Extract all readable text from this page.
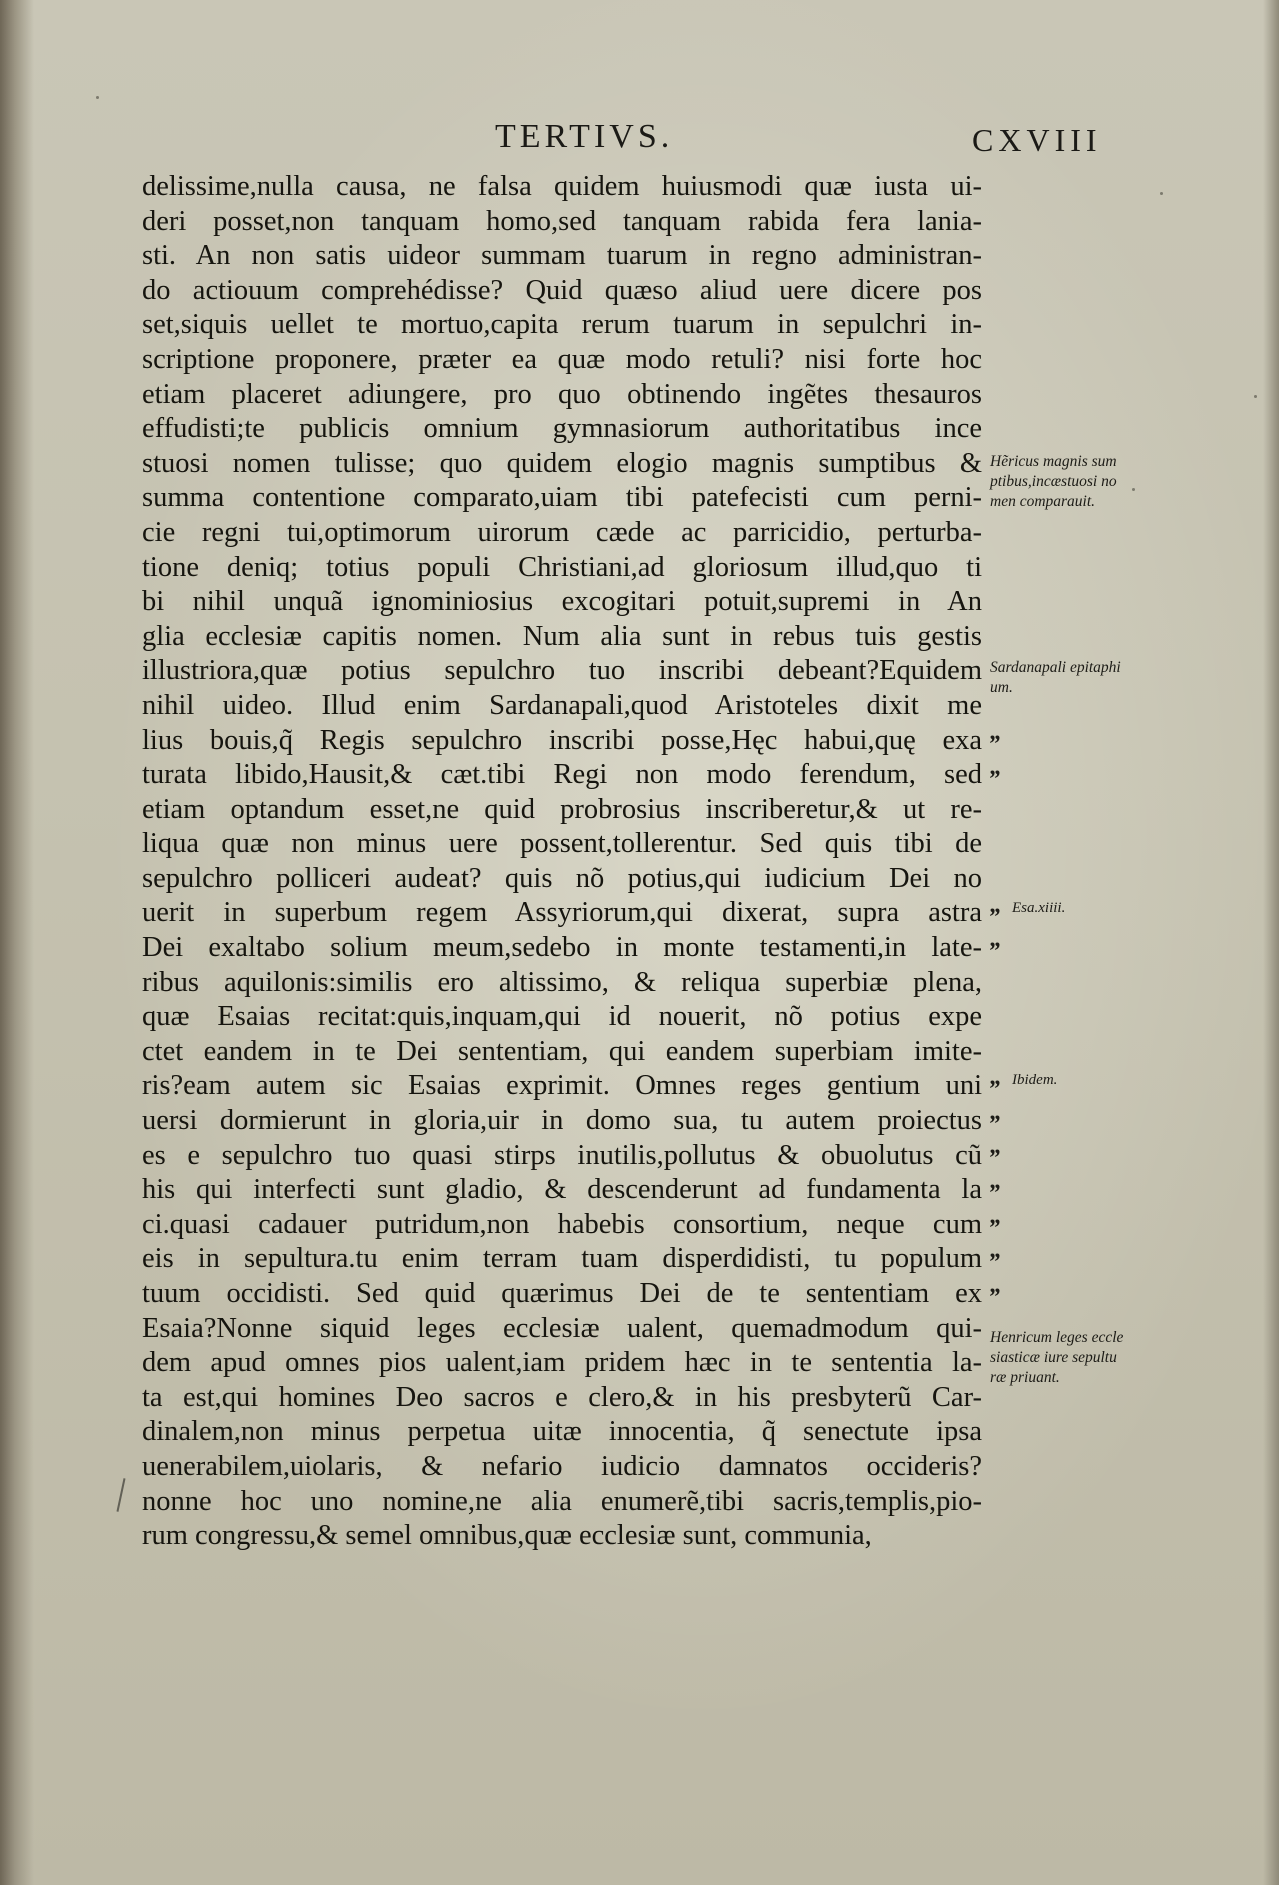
TERTIVS.	CXVIII
delissime,nulla causa, ne falsa quidem huiusmodi quæ iusta ui-
deri posset,non tanquam homo,sed tanquam rabida fera lania-
sti. An non satis uideor summam tuarum in regno administran-
do actiouum comprehédisse? Quid quæso aliud uere dicere pos
set,siquis uellet te mortuo,capita rerum tuarum in sepulchri in-
scriptione proponere, præter ea quæ modo retuli? nisi forte hoc
etiam placeret adiungere, pro quo obtinendo ingẽtes thesauros
effudisti;te publicis omnium gymnasiorum authoritatibus ince
stuosi nomen tulisse; quo quidem elogio magnis sumptibus &
summa contentione comparato,uiam tibi patefecisti cum perni-
cie regni tui,optimorum uirorum cæde ac parricidio, perturba-
tione deniq; totius populi Christiani,ad gloriosum illud,quo ti
bi nihil unquã ignominiosius excogitari potuit,supremi in An
glia ecclesiæ capitis nomen. Num alia sunt in rebus tuis gestis
illustriora,quæ potius sepulchro tuo inscribi debeant?Equidem
nihil uideo. Illud enim Sardanapali,quod Aristoteles dixit me
lius bouis,q̃ Regis sepulchro inscribi posse,Hęc habui,quę exa
turata libido,Hausit,& cæt.tibi Regi non modo ferendum, sed
etiam optandum esset,ne quid probrosius inscriberetur,& ut re-
liqua quæ non minus uere possent,tollerentur. Sed quis tibi de
sepulchro polliceri audeat? quis nõ potius,qui iudicium Dei no
uerit in superbum regem Assyriorum,qui dixerat, supra astra
Dei exaltabo solium meum,sedebo in monte testamenti,in late-
ribus aquilonis:similis ero altissimo, & reliqua superbiæ plena,
quæ Esaias recitat:quis,inquam,qui id nouerit, nõ potius expe
ctet eandem in te Dei sententiam, qui eandem superbiam imite-
ris?eam autem sic Esaias exprimit. Omnes reges gentium uni
uersi dormierunt in gloria,uir in domo sua, tu autem proiectus
es e sepulchro tuo quasi stirps inutilis,pollutus & obuolutus cũ
his qui interfecti sunt gladio, & descenderunt ad fundamenta la
ci.quasi cadauer putridum,non habebis consortium, neque cum
eis in sepultura.tu enim terram tuam disperdidisti, tu populum
tuum occidisti. Sed quid quærimus Dei de te sententiam ex
Esaia?Nonne siquid leges ecclesiæ ualent, quemadmodum qui-
dem apud omnes pios ualent,iam pridem hæc in te sententia la-
ta est,qui homines Deo sacros e clero,& in his presbyterũ Car-
dinalem,non minus perpetua uitæ innocentia, q̃ senectute ipsa
uenerabilem,uiolaris, & nefario iudicio damnatos occideris?
nonne hoc uno nomine,ne alia enumerẽ,tibi sacris,templis,pio-
rum congressu,& semel omnibus,quæ ecclesiæ sunt, communia,
Hẽricus magnis sum
ptibus,incæstuosi no
men comparauit.
Sardanapali epitaphi
um.
Henricum leges eccle
siasticæ iure sepultu
ræ priuant.
„
„
„ Esa.xiiii.
„
„ Ibidem.
„
„
„
„
„
„
